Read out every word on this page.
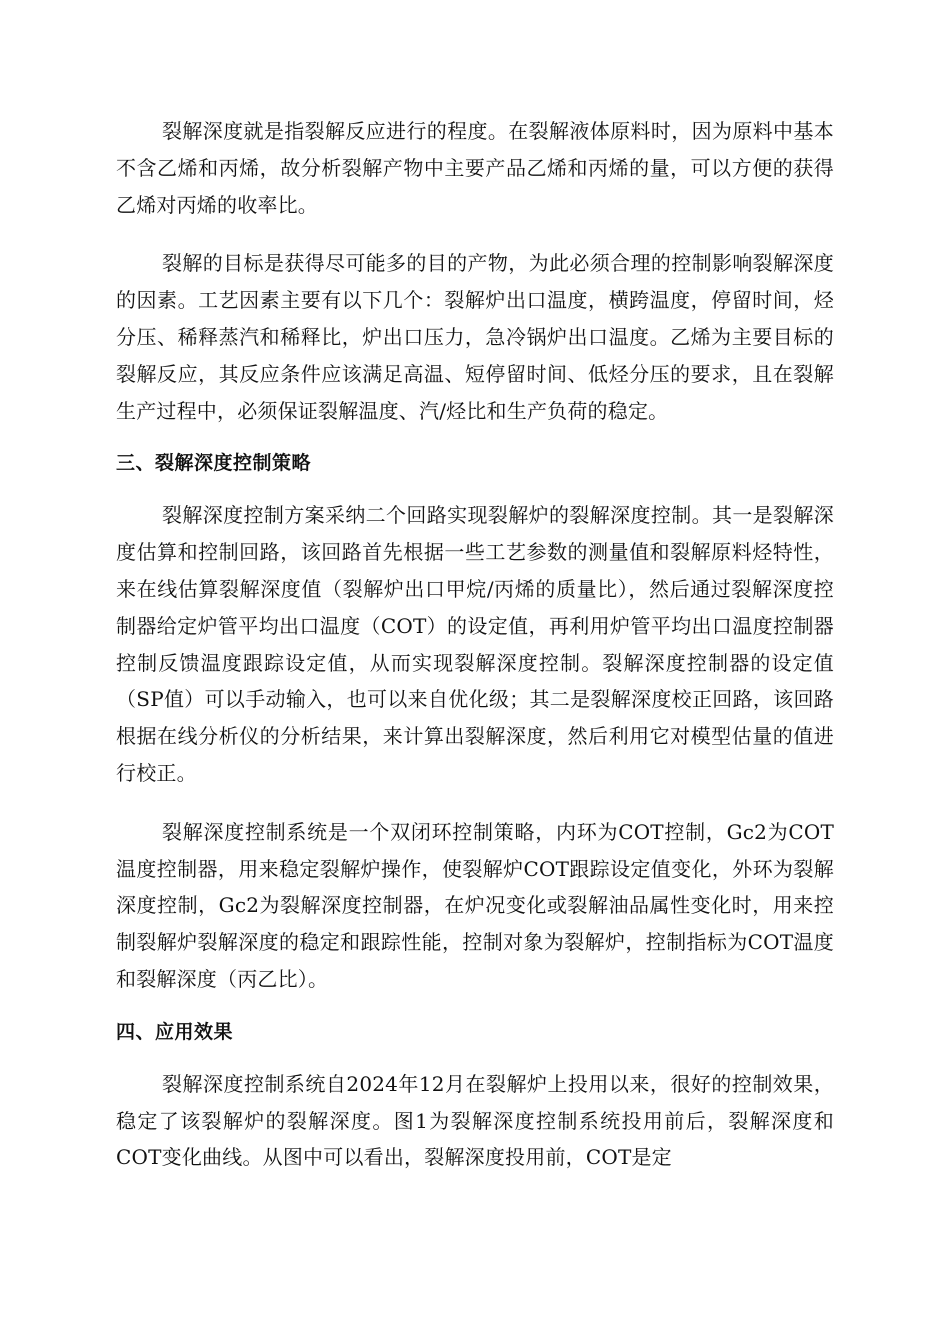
裂解深度就是指裂解反应进行的程度。在裂解液体原料时，因为原料中基本不含乙烯和丙烯，故分析裂解产物中主要产品乙烯和丙烯的量，可以方便的获得乙烯对丙烯的收率比。

裂解的目标是获得尽可能多的目的产物，为此必须合理的控制影响裂解深度的因素。工艺因素主要有以下几个：裂解炉出口温度，横跨温度，停留时间，烃分压、稀释蒸汽和稀释比，炉出口压力，急冷锅炉出口温度。乙烯为主要目标的裂解反应，其反应条件应该满足高温、短停留时间、低烃分压的要求，且在裂解生产过程中，必须保证裂解温度、汽/烃比和生产负荷的稳定。

三、裂解深度控制策略

裂解深度控制方案采纳二个回路实现裂解炉的裂解深度控制。其一是裂解深度估算和控制回路，该回路首先根据一些工艺参数的测量值和裂解原料烃特性，来在线估算裂解深度值（裂解炉出口甲烷/丙烯的质量比），然后通过裂解深度控制器给定炉管平均出口温度（COT）的设定值，再利用炉管平均出口温度控制器控制反馈温度跟踪设定值，从而实现裂解深度控制。裂解深度控制器的设定值（SP值）可以手动输入，也可以来自优化级；其二是裂解深度校正回路，该回路根据在线分析仪的分析结果，来计算出裂解深度，然后利用它对模型估量的值进行校正。

裂解深度控制系统是一个双闭环控制策略，内环为COT控制，Gc2为COT温度控制器，用来稳定裂解炉操作，使裂解炉COT跟踪设定值变化，外环为裂解深度控制，Gc2为裂解深度控制器，在炉况变化或裂解油品属性变化时，用来控制裂解炉裂解深度的稳定和跟踪性能，控制对象为裂解炉，控制指标为COT温度和裂解深度（丙乙比）。

四、应用效果

裂解深度控制系统自2024年12月在裂解炉上投用以来，很好的控制效果，稳定了该裂解炉的裂解深度。图1为裂解深度控制系统投用前后，裂解深度和COT变化曲线。从图中可以看出，裂解深度投用前，COT是定
